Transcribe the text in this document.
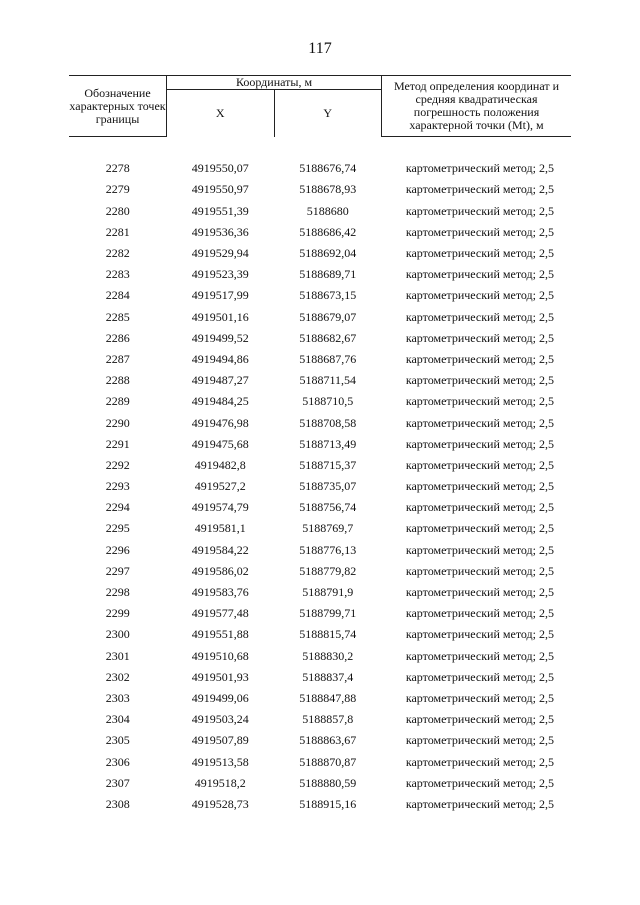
117
Обозначение характерных точек границы	Координаты, м		Метод определения координат и средняя квадратическая погрешность положения характерной точки (Mt), м
	X	Y	

2278	4919550,07	5188676,74	картометрический метод; 2,5
2279	4919550,97	5188678,93	картометрический метод; 2,5
2280	4919551,39	5188680	картометрический метод; 2,5
2281	4919536,36	5188686,42	картометрический метод; 2,5
2282	4919529,94	5188692,04	картометрический метод; 2,5
2283	4919523,39	5188689,71	картометрический метод; 2,5
2284	4919517,99	5188673,15	картометрический метод; 2,5
2285	4919501,16	5188679,07	картометрический метод; 2,5
2286	4919499,52	5188682,67	картометрический метод; 2,5
2287	4919494,86	5188687,76	картометрический метод; 2,5
2288	4919487,27	5188711,54	картометрический метод; 2,5
2289	4919484,25	5188710,5	картометрический метод; 2,5
2290	4919476,98	5188708,58	картометрический метод; 2,5
2291	4919475,68	5188713,49	картометрический метод; 2,5
2292	4919482,8	5188715,37	картометрический метод; 2,5
2293	4919527,2	5188735,07	картометрический метод; 2,5
2294	4919574,79	5188756,74	картометрический метод; 2,5
2295	4919581,1	5188769,7	картометрический метод; 2,5
2296	4919584,22	5188776,13	картометрический метод; 2,5
2297	4919586,02	5188779,82	картометрический метод; 2,5
2298	4919583,76	5188791,9	картометрический метод; 2,5
2299	4919577,48	5188799,71	картометрический метод; 2,5
2300	4919551,88	5188815,74	картометрический метод; 2,5
2301	4919510,68	5188830,2	картометрический метод; 2,5
2302	4919501,93	5188837,4	картометрический метод; 2,5
2303	4919499,06	5188847,88	картометрический метод; 2,5
2304	4919503,24	5188857,8	картометрический метод; 2,5
2305	4919507,89	5188863,67	картометрический метод; 2,5
2306	4919513,58	5188870,87	картометрический метод; 2,5
2307	4919518,2	5188880,59	картометрический метод; 2,5
2308	4919528,73	5188915,16	картометрический метод; 2,5
